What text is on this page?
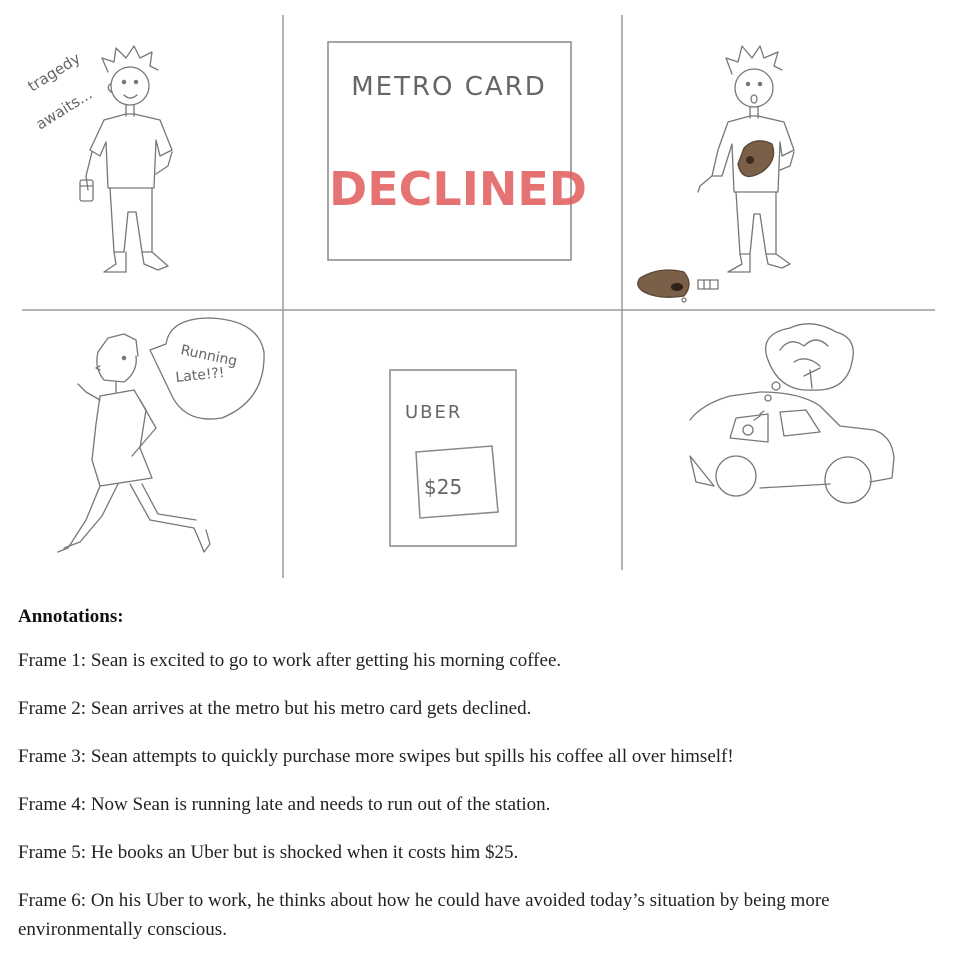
tragedy
awaits...	METRO CARD
DECLINED
Running
Late!?!
UBER
$25

Annotations:

Frame 1: Sean is excited to go to work after getting his morning coffee.

Frame 2: Sean arrives at the metro but his metro card gets declined.

Frame 3: Sean attempts to quickly purchase more swipes but spills his coffee all over himself!

Frame 4: Now Sean is running late and needs to run out of the station.

Frame 5: He books an Uber but is shocked when it costs him $25.

Frame 6: On his Uber to work, he thinks about how he could have avoided today’s situation by being more environmentally conscious.
